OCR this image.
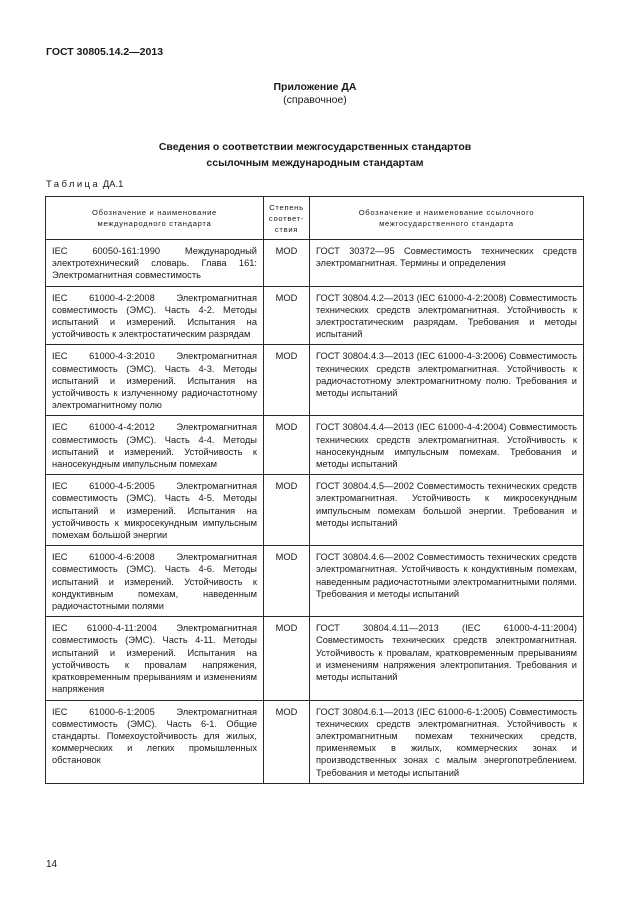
ГОСТ 30805.14.2—2013
Приложение ДА
(справочное)
Сведения о соответствии межгосударственных стандартов
ссылочным международным стандартам
Таблица ДА.1
Обозначение и наименование международного стандарта	Степень соответ-ствия	Обозначение и наименование ссылочного межгосударственного стандарта
IEC 60050-161:1990 Международный электротехнический словарь. Глава 161: Электромагнитная совместимость	MOD	ГОСТ 30372—95 Совместимость технических средств электромагнитная. Термины и определения
IEC 61000-4-2:2008 Электромагнитная совместимость (ЭМС). Часть 4-2. Методы испытаний и измерений. Испытания на устойчивость к электростатическим разрядам	MOD	ГОСТ 30804.4.2—2013 (IEC 61000-4-2:2008) Совместимость технических средств электромагнитная. Устойчивость к электростатическим разрядам. Требования и методы испытаний
IEC 61000-4-3:2010 Электромагнитная совместимость (ЭМС). Часть 4-3. Методы испытаний и измерений. Испытания на устойчивость к излученному радиочастотному электромагнитному полю	MOD	ГОСТ 30804.4.3—2013 (IEC 61000-4-3:2006) Совместимость технических средств электромагнитная. Устойчивость к радиочастотному электромагнитному полю. Требования и методы испытаний
IEC 61000-4-4:2012 Электромагнитная совместимость (ЭМС). Часть 4-4. Методы испытаний и измерений. Устойчивость к наносекундным импульсным помехам	MOD	ГОСТ 30804.4.4—2013 (IEC 61000-4-4:2004) Совместимость технических средств электромагнитная. Устойчивость к наносекундным импульсным помехам. Требования и методы испытаний
IEC 61000-4-5:2005 Электромагнитная совместимость (ЭМС). Часть 4-5. Методы испытаний и измерений. Испытания на устойчивость к микросекундным импульсным помехам большой энергии	MOD	ГОСТ 30804.4.5—2002 Совместимость технических средств электромагнитная. Устойчивость к микросекундным импульсным помехам большой энергии. Требования и методы испытаний
IEC 61000-4-6:2008 Электромагнитная совместимость (ЭМС). Часть 4-6. Методы испытаний и измерений. Устойчивость к кондуктивным помехам, наведенным радиочастотными полями	MOD	ГОСТ 30804.4.6—2002 Совместимость технических средств электромагнитная. Устойчивость к кондуктивным помехам, наведенным радиочастотными электромагнитными полями. Требования и методы испытаний
IEC 61000-4-11:2004 Электромагнитная совместимость (ЭМС). Часть 4-11. Методы испытаний и измерений. Испытания на устойчивость к провалам напряжения, кратковременным прерываниям и изменениям напряжения	MOD	ГОСТ 30804.4.11—2013 (IEC 61000-4-11:2004) Совместимость технических средств электромагнитная. Устойчивость к провалам, кратковременным прерываниям и изменениям напряжения электропитания. Требования и методы испытаний
IEC 61000-6-1:2005 Электромагнитная совместимость (ЭМС). Часть 6-1. Общие стандарты. Помехоустойчивость для жилых, коммерческих и легких промышленных обстановок	MOD	ГОСТ 30804.6.1—2013 (IEC 61000-6-1:2005) Совместимость технических средств электромагнитная. Устойчивость к электромагнитным помехам технических средств, применяемых в жилых, коммерческих зонах и производственных зонах с малым энергопотреблением. Требования и методы испытаний
14
